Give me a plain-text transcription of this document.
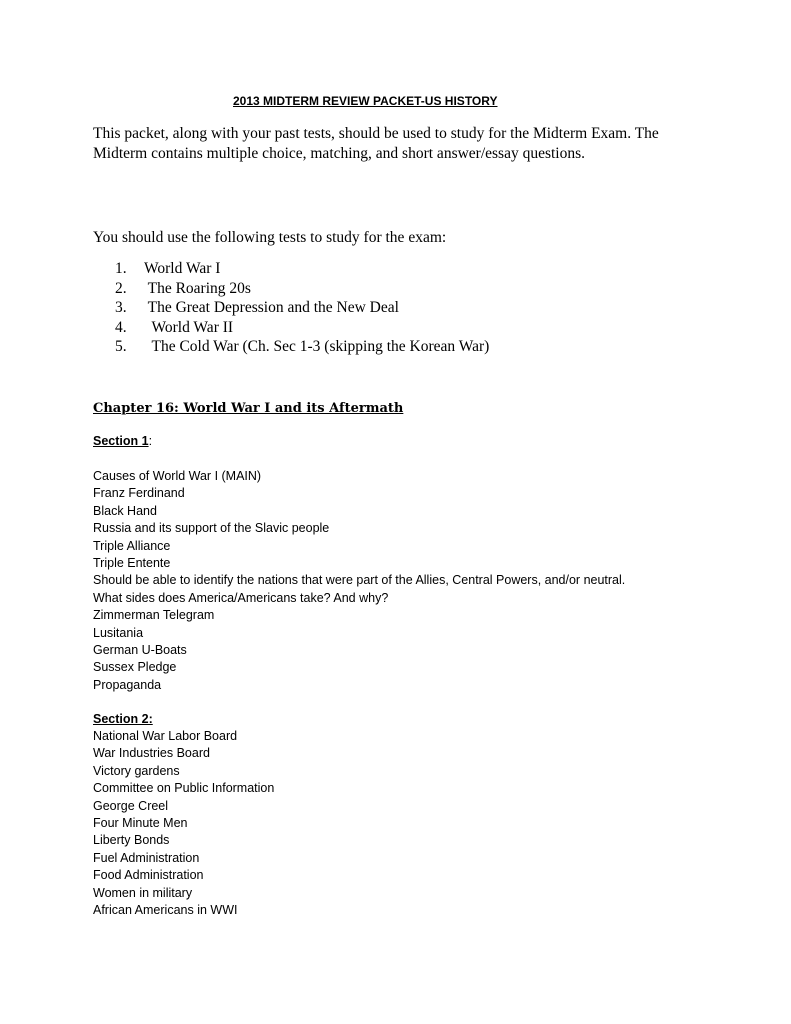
2013 MIDTERM REVIEW PACKET-US HISTORY

This packet, along with your past tests, should be used to study for the Midterm Exam. The Midterm contains multiple choice, matching, and short answer/essay questions.

You should use the following tests to study for the exam:
1.	World War I
2.	The Roaring 20s
3.	The Great Depression and the New Deal
4.	World War II
5.	The Cold War (Ch. Sec 1-3 (skipping the Korean War)
Chapter 16: World War I and its Aftermath
Section 1:
Causes of World War I (MAIN)
Franz Ferdinand
Black Hand
Russia and its support of the Slavic people
Triple Alliance
Triple Entente
Should be able to identify the nations that were part of the Allies, Central Powers, and/or neutral.
What sides does America/Americans take? And why?
Zimmerman Telegram
Lusitania
German U-Boats
Sussex Pledge
Propaganda
Section 2:
National War Labor Board
War Industries Board
Victory gardens
Committee on Public Information
George Creel
Four Minute Men
Liberty Bonds
Fuel Administration
Food Administration
Women in military
African Americans in WWI
